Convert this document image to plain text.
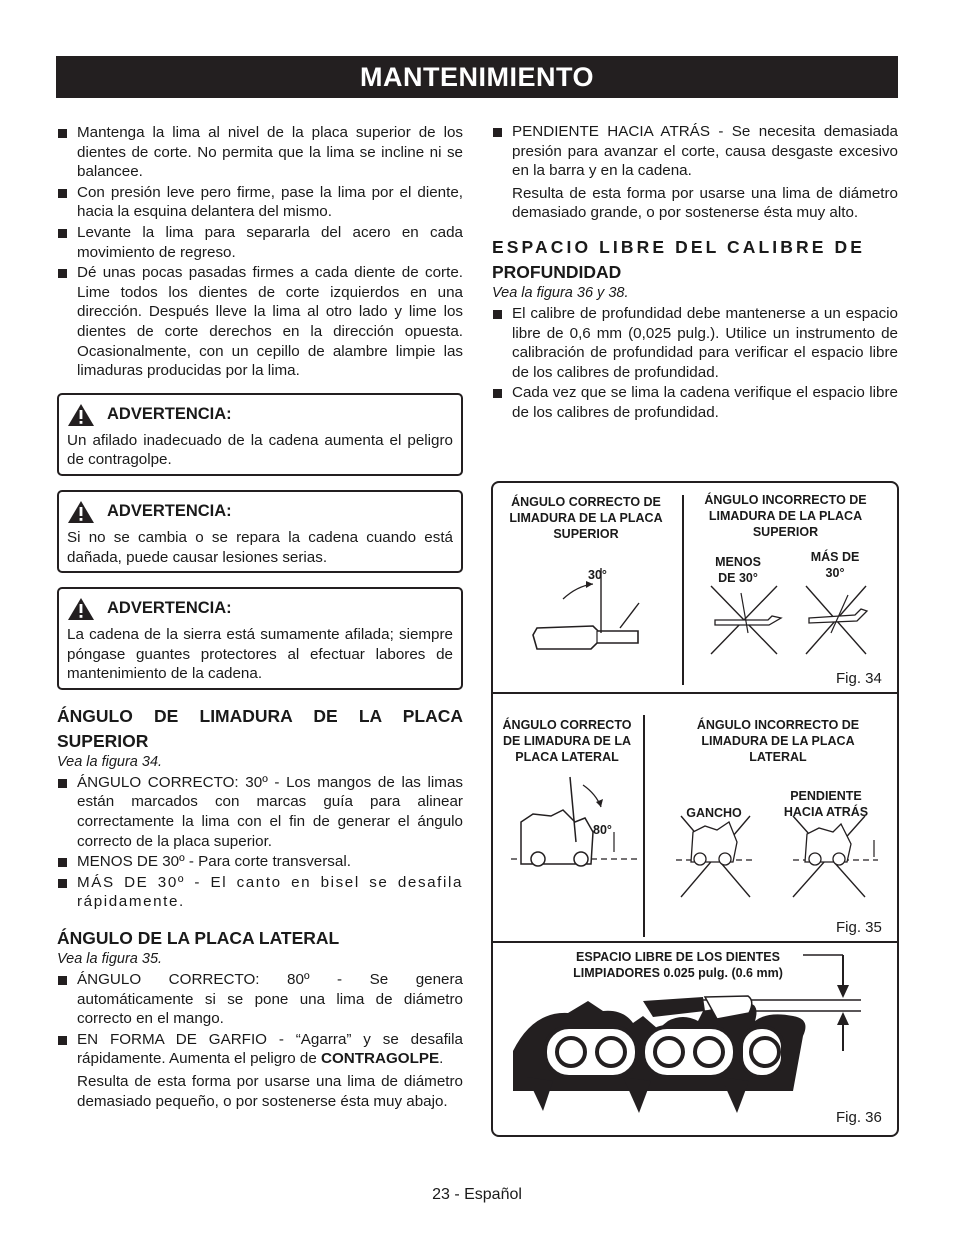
MANTENIMIENTO
Mantenga la lima al nivel de la placa superior de los dientes de corte. No permita que la lima se incline ni se balancee.
Con presión leve pero firme, pase la lima por el diente, hacia la esquina delantera del mismo.
Levante la lima para separarla del acero en cada movimiento de regreso.
Dé unas pocas pasadas firmes a cada diente de corte. Lime todos los dientes de corte izquierdos en una dirección. Después lleve la lima al otro lado y lime los dientes de corte derechos en la dirección opuesta. Ocasionalmente, con un cepillo de alambre limpie las limaduras producidas por la lima.
ADVERTENCIA:

Un afilado inadecuado de la cadena aumenta el peligro de contragolpe.

ADVERTENCIA:

Si no se cambia o se repara la cadena cuando está dañada, puede causar lesiones serias.

ADVERTENCIA:

La cadena de la sierra está sumamente afilada; siempre póngase guantes protectores al efectuar labores de mantenimiento de la cadena.

ÁNGULO DE LIMADURA DE LA PLACA SUPERIOR
Vea la figura 34.
ÁNGULO CORRECTO: 30º - Los mangos de las limas están marcados con marcas guía para alinear correctamente la lima con el fin de generar el ángulo correcto de la placa superior.
MENOS DE 30º - Para corte transversal.
MÁS DE 30º - El canto en bisel se desafila rápidamente.
ÁNGULO DE LA PLACA LATERAL
Vea la figura 35.
ÁNGULO CORRECTO: 80º - Se genera automáticamente si se pone una lima de diámetro correcto en el mango.
EN FORMA DE GARFIO - “Agarra” y se desafila rápidamente. Aumenta el peligro de CONTRAGOLPE.
Resulta de esta forma por usarse una lima de diámetro demasiado pequeño, o por sostenerse ésta muy abajo.
PENDIENTE HACIA ATRÁS - Se necesita demasiada presión para avanzar el corte, causa desgaste excesivo en la barra y en la cadena.
Resulta de esta forma por usarse una lima de diámetro demasiado grande, o por sostenerse ésta muy alto.
ESPACIO LIBRE DEL CALIBRE DE
PROFUNDIDAD
Vea la figura 36 y 38.
El calibre de profundidad debe mantenerse a un espacio libre de 0,6 mm (0,025 pulg.). Utilice un instrumento de calibración de profundidad para verificar el espacio libre de los calibres de profundidad.
Cada vez que se lima la cadena verifique el espacio libre de los calibres de profundidad.
ÁNGULO CORRECTO DE LIMADURA DE LA PLACA SUPERIOR
ÁNGULO INCORRECTO DE LIMADURA DE LA PLACA SUPERIOR
30°
MENOS DE 30°
MÁS DE 30°
Fig. 34
ÁNGULO CORRECTO DE LIMADURA DE LA PLACA LATERAL
ÁNGULO INCORRECTO DE LIMADURA DE LA PLACA LATERAL
80°
GANCHO
PENDIENTE HACIA ATRÁS
Fig. 35
ESPACIO LIBRE DE LOS DIENTES LIMPIADORES 0.025 pulg. (0.6 mm)
Fig. 36
23 - Español
